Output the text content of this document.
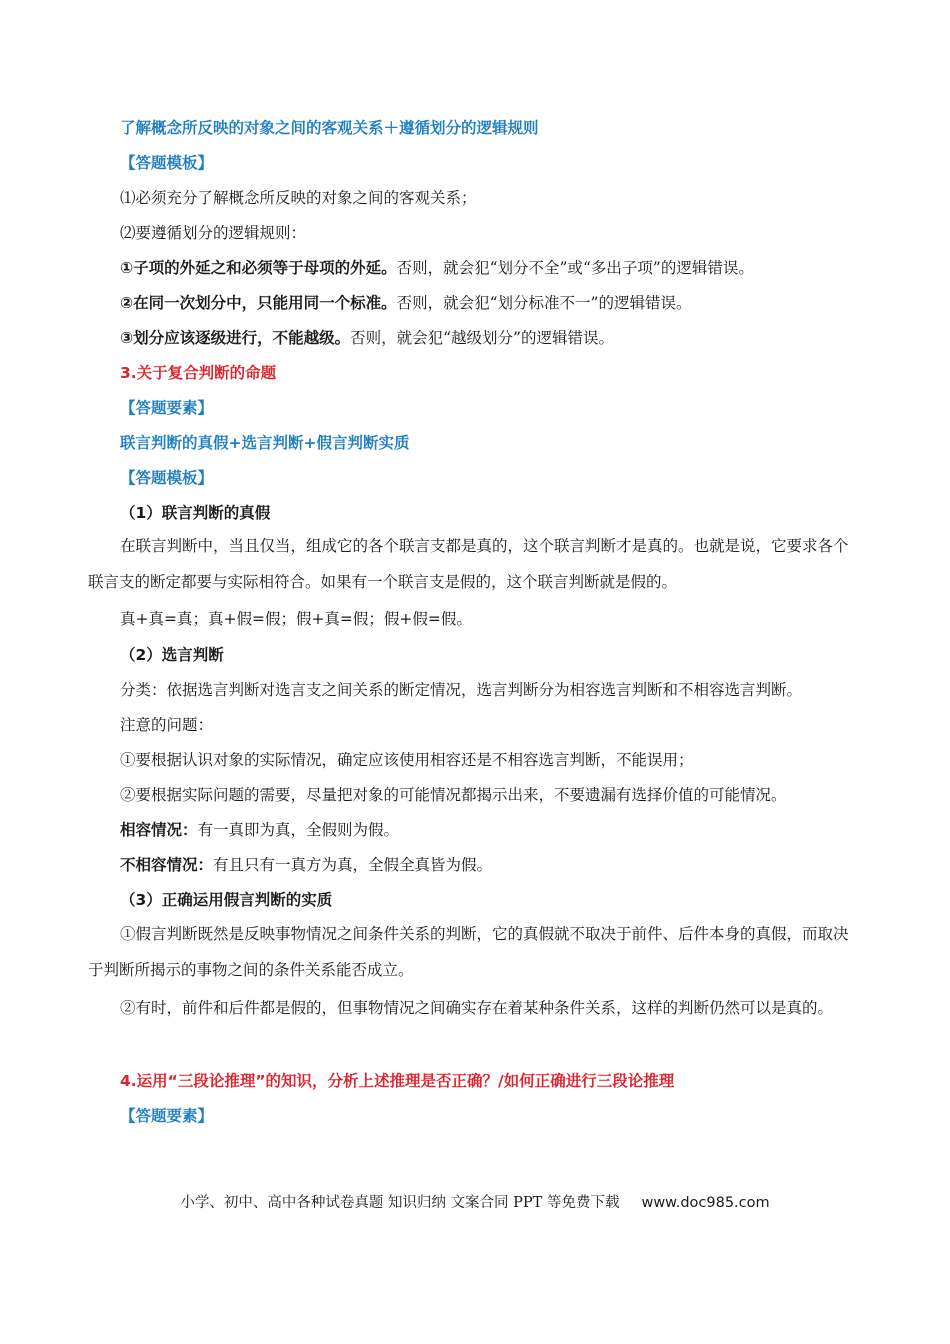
了解概念所反映的对象之间的客观关系＋遵循划分的逻辑规则
【答题模板】
⑴必须充分了解概念所反映的对象之间的客观关系；
⑵要遵循划分的逻辑规则：
①子项的外延之和必须等于母项的外延。否则，就会犯“划分不全”或“多出子项”的逻辑错误。
②在同一次划分中，只能用同一个标准。否则，就会犯“划分标准不一”的逻辑错误。
③划分应该逐级进行，不能越级。否则，就会犯“越级划分”的逻辑错误。
3.关于复合判断的命题
【答题要素】
联言判断的真假+选言判断+假言判断实质
【答题模板】
（1）联言判断的真假
在联言判断中，当且仅当，组成它的各个联言支都是真的，这个联言判断才是真的。也就是说，它要求各个联言支的断定都要与实际相符合。如果有一个联言支是假的，这个联言判断就是假的。
真+真=真；真+假=假；假+真=假；假+假=假。
（2）选言判断
分类：依据选言判断对选言支之间关系的断定情况，选言判断分为相容选言判断和不相容选言判断。
注意的问题：
①要根据认识对象的实际情况，确定应该使用相容还是不相容选言判断，不能误用；
②要根据实际问题的需要，尽量把对象的可能情况都揭示出来，不要遗漏有选择价值的可能情况。
相容情况：有一真即为真，全假则为假。
不相容情况：有且只有一真方为真，全假全真皆为假。
（3）正确运用假言判断的实质
①假言判断既然是反映事物情况之间条件关系的判断，它的真假就不取决于前件、后件本身的真假，而取决于判断所揭示的事物之间的条件关系能否成立。
②有时，前件和后件都是假的，但事物情况之间确实存在着某种条件关系，这样的判断仍然可以是真的。
4.运用“三段论推理”的知识，分析上述推理是否正确？/如何正确进行三段论推理
【答题要素】
小学、初中、高中各种试卷真题 知识归纳 文案合同 PPT 等免费下载 www.doc985.com
